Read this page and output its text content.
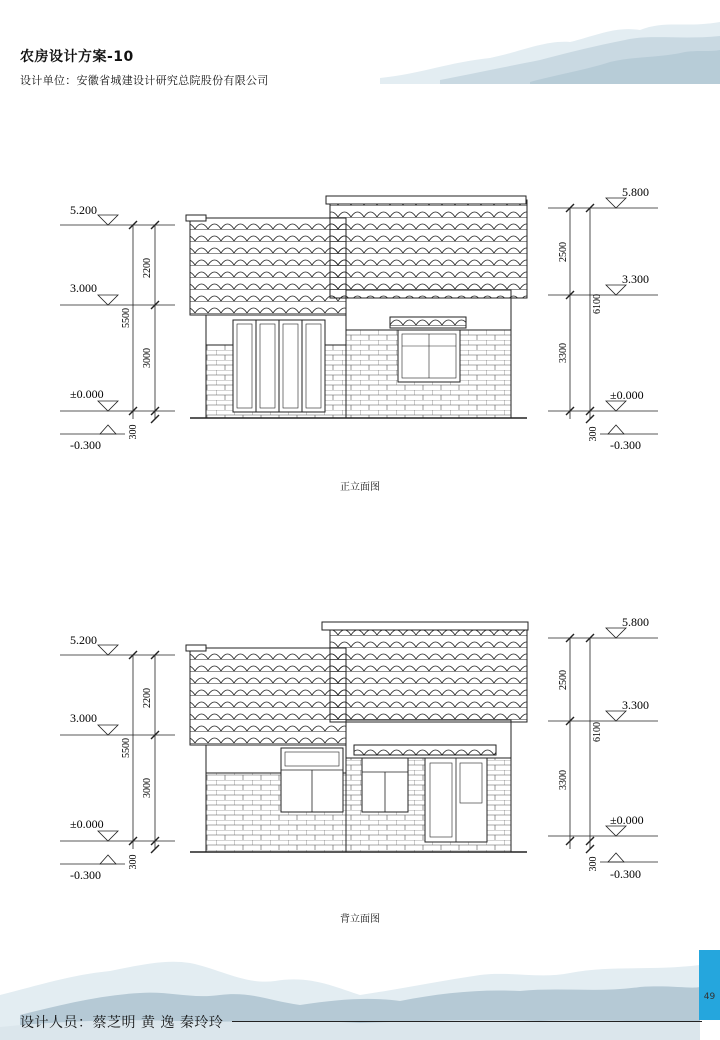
农房设计方案-10
设计单位：安徽省城建设计研究总院股份有限公司
5.200
3.000
±0.000
-0.300
2200
3000
300
5500
5.800
3.300
±0.000
-0.300
2500
3300
300
6100
正立面图
5.200
3.000
±0.000
-0.300
2200
3000
300
5500
5.800
3.300
±0.000
-0.300
2500
3300
300
6100
背立面图
设计人员：蔡芝明 黄 逸 秦玲玲
49
